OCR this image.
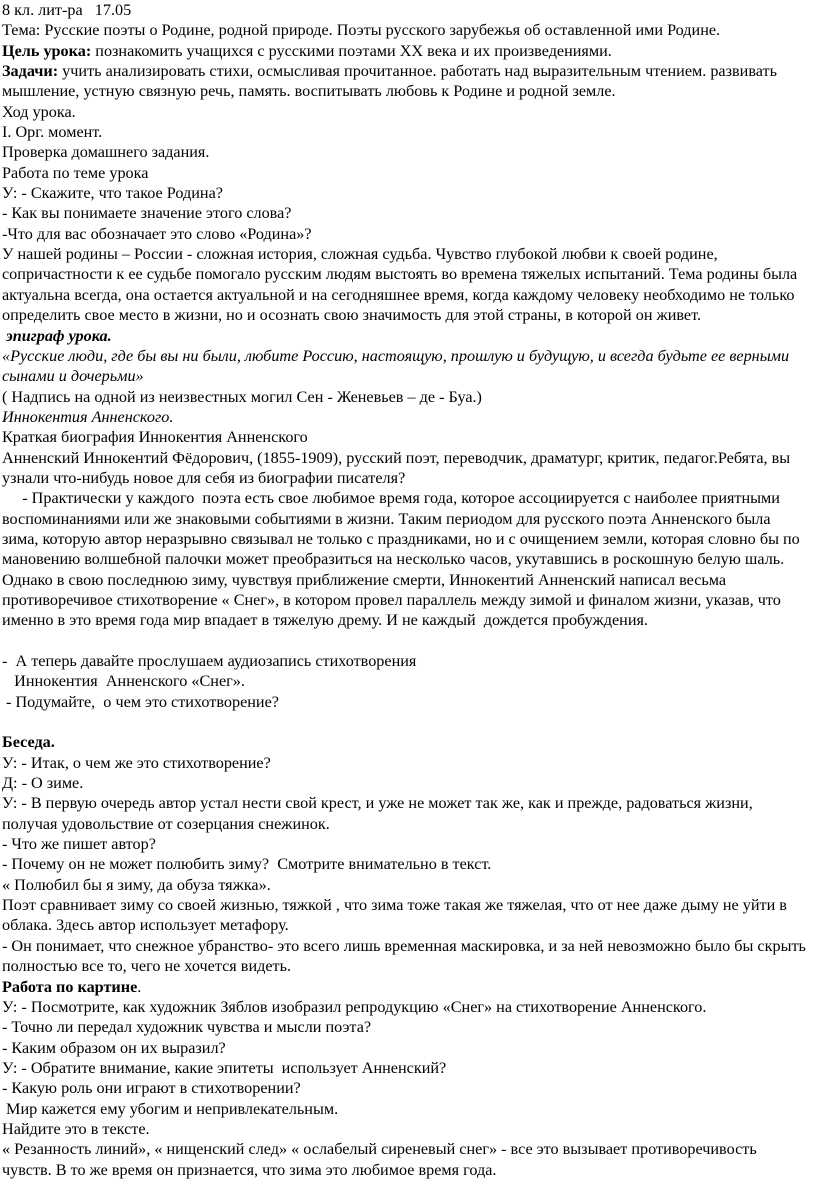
8 кл. лит-ра   17.05
Тема: Русские поэты о Родине, родной природе. Поэты русского зарубежья об оставленной ими Родине.
Цель урока: познакомить учащихся с русскими поэтами XX века и их произведениями.
Задачи: учить анализировать стихи, осмысливая прочитанное. работать над выразительным чтением. развивать мышление, устную связную речь, память. воспитывать любовь к Родине и родной земле.
Ход урока.
I. Орг. момент.
Проверка домашнего задания.
Работа по теме урока
У: - Скажите, что такое Родина?
- Как вы понимаете значение этого слова?
-Что для вас обозначает это слово «Родина»?
У нашей родины – России - сложная история, сложная судьба. Чувство глубокой любви к своей родине, сопричастности к ее судьбе помогало русским людям выстоять во времена тяжелых испытаний. Тема родины была актуальна всегда, она остается актуальной и на сегодняшнее время, когда каждому человеку необходимо не только определить свое место в жизни, но и осознать свою значимость для этой страны, в которой он живет.
эпиграф урока.
«Русские люди, где бы вы ни были, любите Россию, настоящую, прошлую и будущую, и всегда будьте ее верными сынами и дочерьми»
( Надпись на одной из неизвестных могил Сен - Женевьев – де - Буа.)
Иннокентия Анненского.
Краткая биография Иннокентия Анненского
Анненский Иннокентий Фёдорович, (1855-1909), русский поэт, переводчик, драматург, критик, педагог.Ребята, вы узнали что-нибудь новое для себя из биографии писателя?
- Практически у каждого  поэта есть свое любимое время года, которое ассоциируется с наиболее приятными воспоминаниями или же знаковыми событиями в жизни. Таким периодом для русского поэта Анненского была зима, которую автор неразрывно связывал не только с праздниками, но и с очищением земли, которая словно бы по мановению волшебной палочки может преобразиться на несколько часов, укутавшись в роскошную белую шаль.
Однако в свою последнюю зиму, чувствуя приближение смерти, Иннокентий Анненский написал весьма противоречивое стихотворение « Снег», в котором провел параллель между зимой и финалом жизни, указав, что именно в это время года мир впадает в тяжелую дрему. И не каждый  дождется пробуждения.
-  А теперь давайте прослушаем аудиозапись стихотворения
Иннокентия  Анненского «Снег».
- Подумайте,  о чем это стихотворение?
Беседа.
У: - Итак, о чем же это стихотворение?
Д: - О зиме.
У: - В первую очередь автор устал нести свой крест, и уже не может так же, как и прежде, радоваться жизни, получая удовольствие от созерцания снежинок.
- Что же пишет автор?
- Почему он не может полюбить зиму?  Смотрите внимательно в текст.
« Полюбил бы я зиму, да обуза тяжка».
Поэт сравнивает зиму со своей жизнью, тяжкой , что зима тоже такая же тяжелая, что от нее даже дыму не уйти в облака. Здесь автор использует метафору.
- Он понимает, что снежное убранство- это всего лишь временная маскировка, и за ней невозможно было бы скрыть полностью все то, чего не хочется видеть.
Работа по картине.
У: - Посмотрите, как художник Зяблов изобразил репродукцию «Снег» на стихотворение Анненского.
- Точно ли передал художник чувства и мысли поэта?
- Каким образом он их выразил?
У: - Обратите внимание, какие эпитеты  использует Анненский?
- Какую роль они играют в стихотворении?
Мир кажется ему убогим и непривлекательным.
Найдите это в тексте.
« Резанность линий», « нищенский след» « ослабелый сиреневый снег» - все это вызывает противоречивость чувств. В то же время он признается, что зима это любимое время года.
